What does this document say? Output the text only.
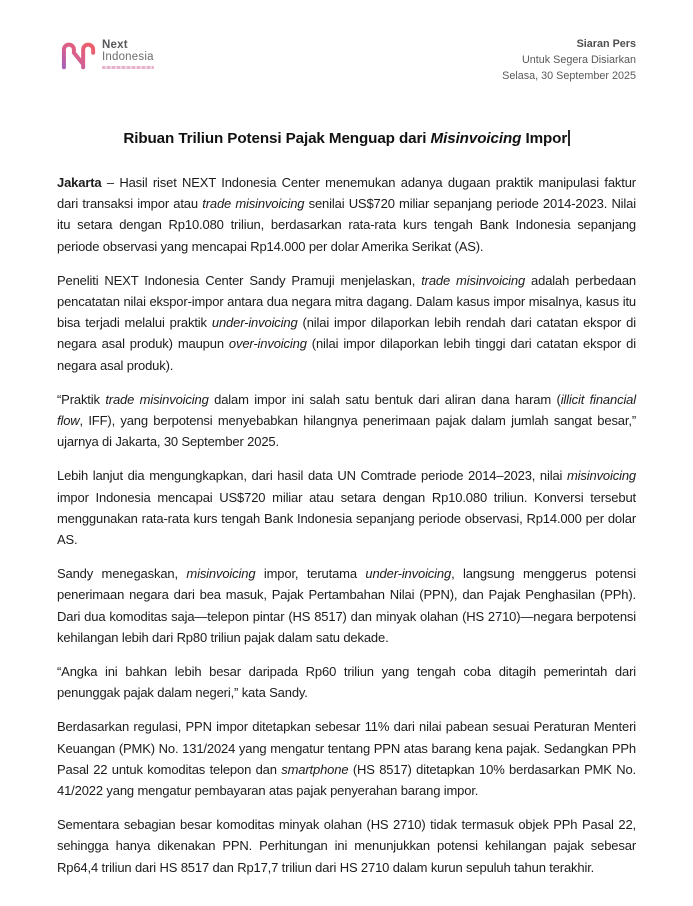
Next
Indonesia
Siaran Pers
Untuk Segera Disiarkan
Selasa, 30 September 2025
Ribuan Triliun Potensi Pajak Menguap dari Misinvoicing Impor

Jakarta – Hasil riset NEXT Indonesia Center menemukan adanya dugaan praktik manipulasi faktur dari transaksi impor atau trade misinvoicing senilai US$720 miliar sepanjang periode 2014-2023. Nilai itu setara dengan Rp10.080 triliun, berdasarkan rata-rata kurs tengah Bank Indonesia sepanjang periode observasi yang mencapai Rp14.000 per dolar Amerika Serikat (AS).

Peneliti NEXT Indonesia Center Sandy Pramuji menjelaskan, trade misinvoicing adalah perbedaan pencatatan nilai ekspor-impor antara dua negara mitra dagang. Dalam kasus impor misalnya, kasus itu bisa terjadi melalui praktik under-invoicing (nilai impor dilaporkan lebih rendah dari catatan ekspor di negara asal produk) maupun over-invoicing (nilai impor dilaporkan lebih tinggi dari catatan ekspor di negara asal produk).

“Praktik trade misinvoicing dalam impor ini salah satu bentuk dari aliran dana haram (illicit financial flow, IFF), yang berpotensi menyebabkan hilangnya penerimaan pajak dalam jumlah sangat besar,” ujarnya di Jakarta, 30 September 2025.

Lebih lanjut dia mengungkapkan, dari hasil data UN Comtrade periode 2014–2023, nilai misinvoicing impor Indonesia mencapai US$720 miliar atau setara dengan Rp10.080 triliun. Konversi tersebut menggunakan rata-rata kurs tengah Bank Indonesia sepanjang periode observasi, Rp14.000 per dolar AS.

Sandy menegaskan, misinvoicing impor, terutama under-invoicing, langsung menggerus potensi penerimaan negara dari bea masuk, Pajak Pertambahan Nilai (PPN), dan Pajak Penghasilan (PPh). Dari dua komoditas saja—telepon pintar (HS 8517) dan minyak olahan (HS 2710)—negara berpotensi kehilangan lebih dari Rp80 triliun pajak dalam satu dekade.

“Angka ini bahkan lebih besar daripada Rp60 triliun yang tengah coba ditagih pemerintah dari penunggak pajak dalam negeri,” kata Sandy.

Berdasarkan regulasi, PPN impor ditetapkan sebesar 11% dari nilai pabean sesuai Peraturan Menteri Keuangan (PMK) No. 131/2024 yang mengatur tentang PPN atas barang kena pajak. Sedangkan PPh Pasal 22 untuk komoditas telepon dan smartphone (HS 8517) ditetapkan 10% berdasarkan PMK No. 41/2022 yang mengatur pembayaran atas pajak penyerahan barang impor.

Sementara sebagian besar komoditas minyak olahan (HS 2710) tidak termasuk objek PPh Pasal 22, sehingga hanya dikenakan PPN. Perhitungan ini menunjukkan potensi kehilangan pajak sebesar Rp64,4 triliun dari HS 8517 dan Rp17,7 triliun dari HS 2710 dalam kurun sepuluh tahun terakhir.
